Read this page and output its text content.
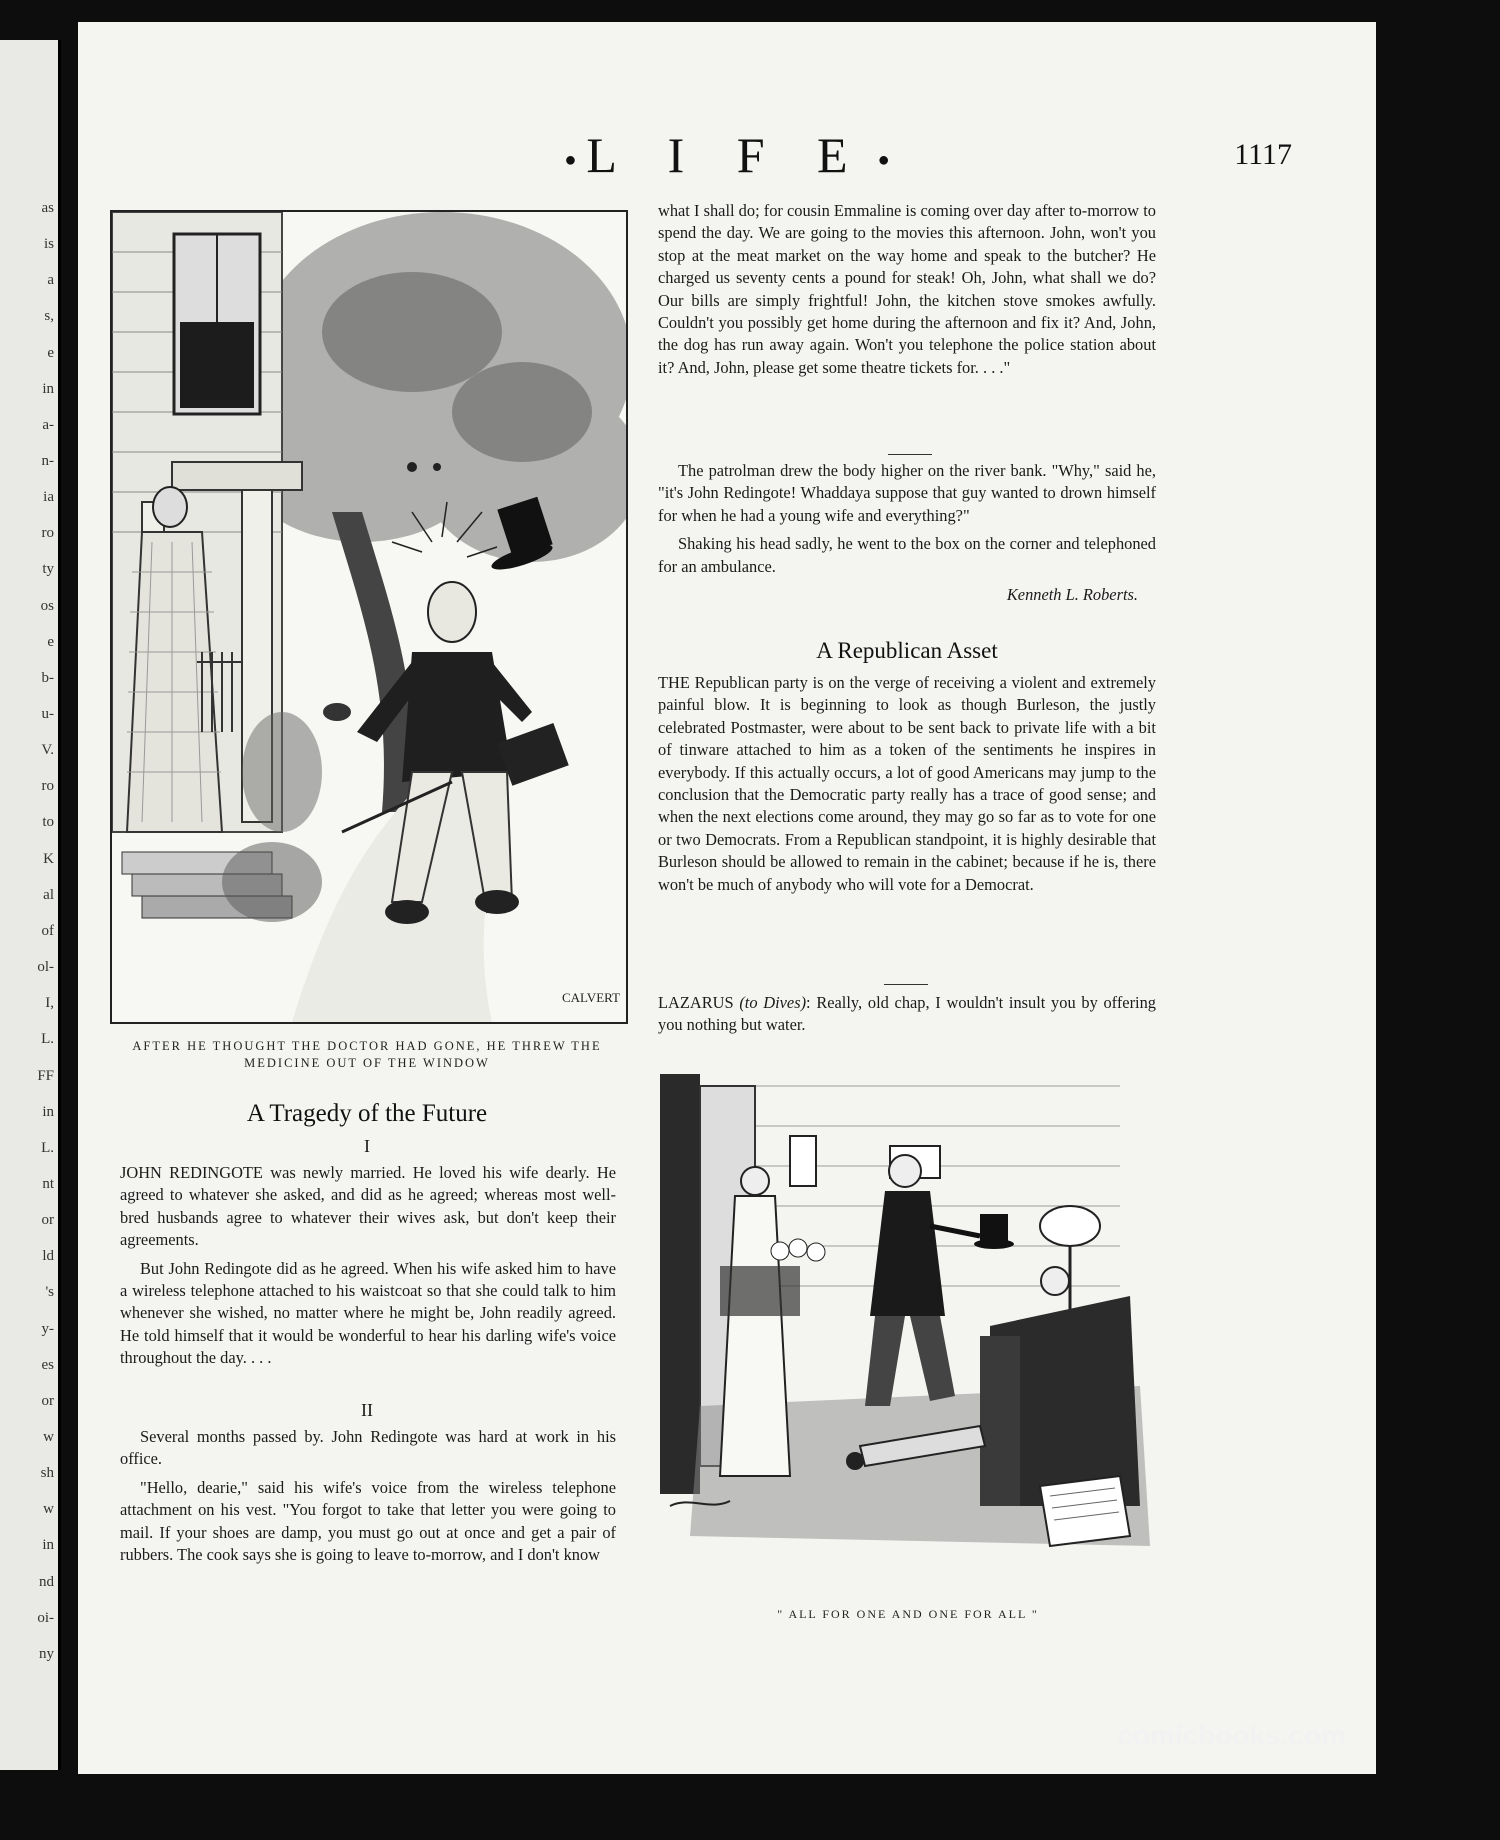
as
is
a
s,
e
in
a-
n-
ia
ro
ty
os
e
b-
u-
V.
ro
to
K
al
of
ol-
I,
L.
FF
in
L.
nt
or
ld
's
y-
es
or
w
sh
w
in
nd
oi-
ny
● L I F E ●	1117
CALVERT
AFTER HE THOUGHT THE DOCTOR HAD GONE, HE THREW THE MEDICINE OUT OF THE WINDOW
A Tragedy of the Future
I

JOHN REDINGOTE was newly married. He loved his wife dearly. He agreed to whatever she asked, and did as he agreed; whereas most well-bred husbands agree to whatever their wives ask, but don't keep their agreements.

But John Redingote did as he agreed. When his wife asked him to have a wireless telephone attached to his waistcoat so that she could talk to him whenever she wished, no matter where he might be, John readily agreed. He told himself that it would be wonderful to hear his darling wife's voice throughout the day. . . .

II

Several months passed by. John Redingote was hard at work in his office.

"Hello, dearie," said his wife's voice from the wireless telephone attachment on his vest. "You forgot to take that letter you were going to mail. If your shoes are damp, you must go out at once and get a pair of rubbers. The cook says she is going to leave to-morrow, and I don't know

what I shall do; for cousin Emmaline is coming over day after to-morrow to spend the day. We are going to the movies this afternoon. John, won't you stop at the meat market on the way home and speak to the butcher? He charged us seventy cents a pound for steak! Oh, John, what shall we do? Our bills are simply frightful! John, the kitchen stove smokes awfully. Couldn't you possibly get home during the afternoon and fix it? And, John, the dog has run away again. Won't you telephone the police station about it? And, John, please get some theatre tickets for. . . ."

The patrolman drew the body higher on the river bank. "Why," said he, "it's John Redingote! Whaddaya suppose that guy wanted to drown himself for when he had a young wife and everything?"

Shaking his head sadly, he went to the box on the corner and telephoned for an ambulance.

Kenneth L. Roberts.
A Republican Asset

THE Republican party is on the verge of receiving a violent and extremely painful blow. It is beginning to look as though Burleson, the justly celebrated Postmaster, were about to be sent back to private life with a bit of tinware attached to him as a token of the sentiments he inspires in everybody. If this actually occurs, a lot of good Americans may jump to the conclusion that the Democratic party really has a trace of good sense; and when the next elections come around, they may go so far as to vote for one or two Democrats. From a Republican standpoint, it is highly desirable that Burleson should be allowed to remain in the cabinet; because if he is, there won't be much of anybody who will vote for a Democrat.

LAZARUS (to Dives): Really, old chap, I wouldn't insult you by offering you nothing but water.

" ALL FOR ONE AND ONE FOR ALL "
comicbooks.com
